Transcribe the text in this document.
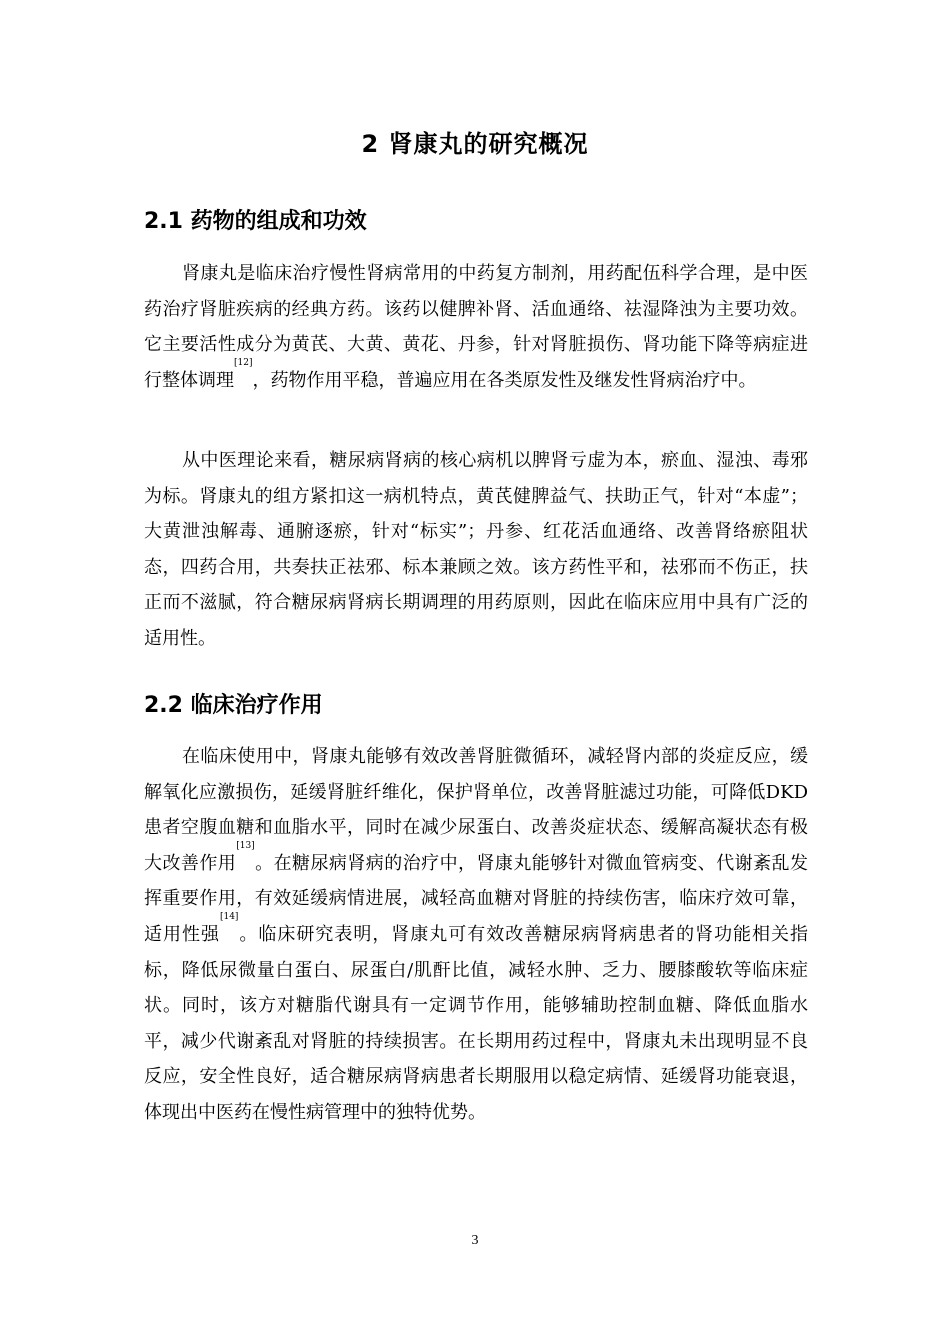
2 肾康丸的研究概况
2.1 药物的组成和功效

肾康丸是临床治疗慢性肾病常用的中药复方制剂，用药配伍科学合理，是中医药治疗肾脏疾病的经典方药。该药以健脾补肾、活血通络、祛湿降浊为主要功效。它主要活性成分为黄芪、大黄、黄花、丹参，针对肾脏损伤、肾功能下降等病症进行整体调理[12]，药物作用平稳，普遍应用在各类原发性及继发性肾病治疗中。

从中医理论来看，糖尿病肾病的核心病机以脾肾亏虚为本，瘀血、湿浊、毒邪为标。肾康丸的组方紧扣这一病机特点，黄芪健脾益气、扶助正气，针对“本虚”；大黄泄浊解毒、通腑逐瘀，针对“标实”；丹参、红花活血通络、改善肾络瘀阻状态，四药合用，共奏扶正祛邪、标本兼顾之效。该方药性平和，祛邪而不伤正，扶正而不滋腻，符合糖尿病肾病长期调理的用药原则，因此在临床应用中具有广泛的适用性。

2.2 临床治疗作用

在临床使用中，肾康丸能够有效改善肾脏微循环，减轻肾内部的炎症反应，缓解氧化应激损伤，延缓肾脏纤维化，保护肾单位，改善肾脏滤过功能，可降低DKD 患者空腹血糖和血脂水平，同时在减少尿蛋白、改善炎症状态、缓解高凝状态有极大改善作用[13]。在糖尿病肾病的治疗中，肾康丸能够针对微血管病变、代谢紊乱发挥重要作用，有效延缓病情进展，减轻高血糖对肾脏的持续伤害，临床疗效可靠，适用性强[14]。临床研究表明，肾康丸可有效改善糖尿病肾病患者的肾功能相关指标，降低尿微量白蛋白、尿蛋白/肌酐比值，减轻水肿、乏力、腰膝酸软等临床症状。同时，该方对糖脂代谢具有一定调节作用，能够辅助控制血糖、降低血脂水平，减少代谢紊乱对肾脏的持续损害。在长期用药过程中，肾康丸未出现明显不良反应，安全性良好，适合糖尿病肾病患者长期服用以稳定病情、延缓肾功能衰退，体现出中医药在慢性病管理中的独特优势。

3
